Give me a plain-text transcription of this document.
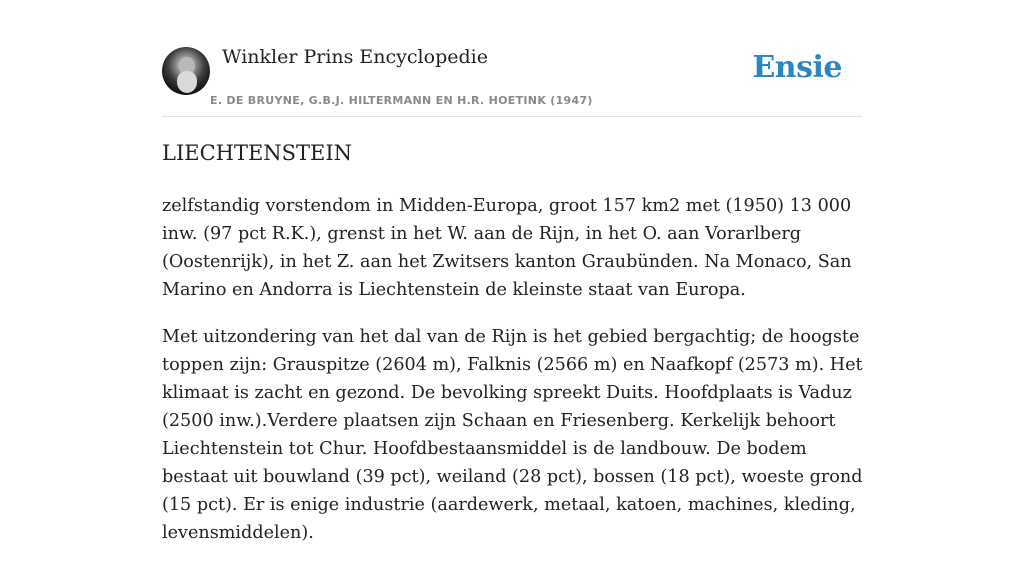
Winkler Prins Encyclopedie
E. DE BRUYNE, G.B.J. HILTERMANN EN H.R. HOETINK (1947)
Ensie
LIECHTENSTEIN

zelfstandig vorstendom in Midden-Europa, groot 157 km2 met (1950) 13 000 inw. (97 pct R.K.), grenst in het W. aan de Rijn, in het O. aan Vorarlberg (Oostenrijk), in het Z. aan het Zwitsers kanton Graubünden. Na Monaco, San Marino en Andorra is Liechtenstein de kleinste staat van Europa.

Met uitzondering van het dal van de Rijn is het gebied bergachtig; de hoogste toppen zijn: Grauspitze (2604 m), Falknis (2566 m) en Naafkopf (2573 m). Het klimaat is zacht en gezond. De bevolking spreekt Duits. Hoofdplaats is Vaduz (2500 inw.).Verdere plaatsen zijn Schaan en Friesenberg. Kerkelijk behoort Liechtenstein tot Chur. Hoofdbestaansmiddel is de landbouw. De bodem bestaat uit bouwland (39 pct), weiland (28 pct), bossen (18 pct), woeste grond (15 pct). Er is enige industrie (aardewerk, metaal, katoen, machines, kleding, levensmiddelen).
